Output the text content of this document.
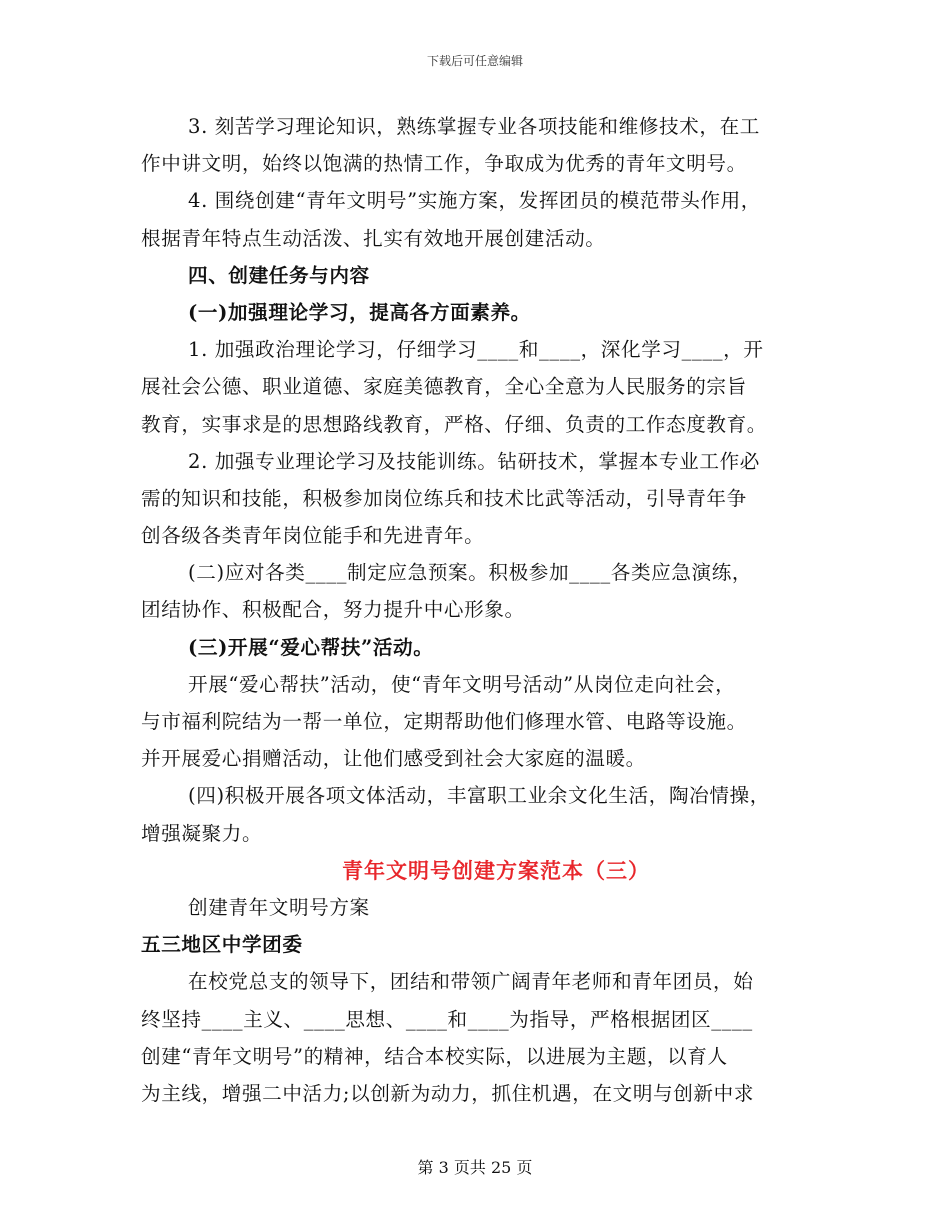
下载后可任意编辑
3. 刻苦学习理论知识，熟练掌握专业各项技能和维修技术，在工
作中讲文明，始终以饱满的热情工作，争取成为优秀的青年文明号。
4. 围绕创建“青年文明号”实施方案，发挥团员的模范带头作用，
根据青年特点生动活泼、扎实有效地开展创建活动。
四、创建任务与内容
(一)加强理论学习，提高各方面素养。
1. 加强政治理论学习，仔细学习____和____，深化学习____，开
展社会公德、职业道德、家庭美德教育，全心全意为人民服务的宗旨
教育，实事求是的思想路线教育，严格、仔细、负责的工作态度教育。
2. 加强专业理论学习及技能训练。钻研技术，掌握本专业工作必
需的知识和技能，积极参加岗位练兵和技术比武等活动，引导青年争
创各级各类青年岗位能手和先进青年。
(二)应对各类____制定应急预案。积极参加____各类应急演练，
团结协作、积极配合，努力提升中心形象。
(三)开展“爱心帮扶”活动。
开展“爱心帮扶”活动，使“青年文明号活动”从岗位走向社会，
与市福利院结为一帮一单位，定期帮助他们修理水管、电路等设施。
并开展爱心捐赠活动，让他们感受到社会大家庭的温暖。
(四)积极开展各项文体活动，丰富职工业余文化生活，陶冶情操，
增强凝聚力。
青年文明号创建方案范本（三）
创建青年文明号方案
五三地区中学团委
在校党总支的领导下，团结和带领广阔青年老师和青年团员，始
终坚持____主义、____思想、____和____为指导，严格根据团区____
创建“青年文明号”的精神，结合本校实际，以进展为主题，以育人
为主线，增强二中活力;以创新为动力，抓住机遇，在文明与创新中求
第 3 页共 25 页
